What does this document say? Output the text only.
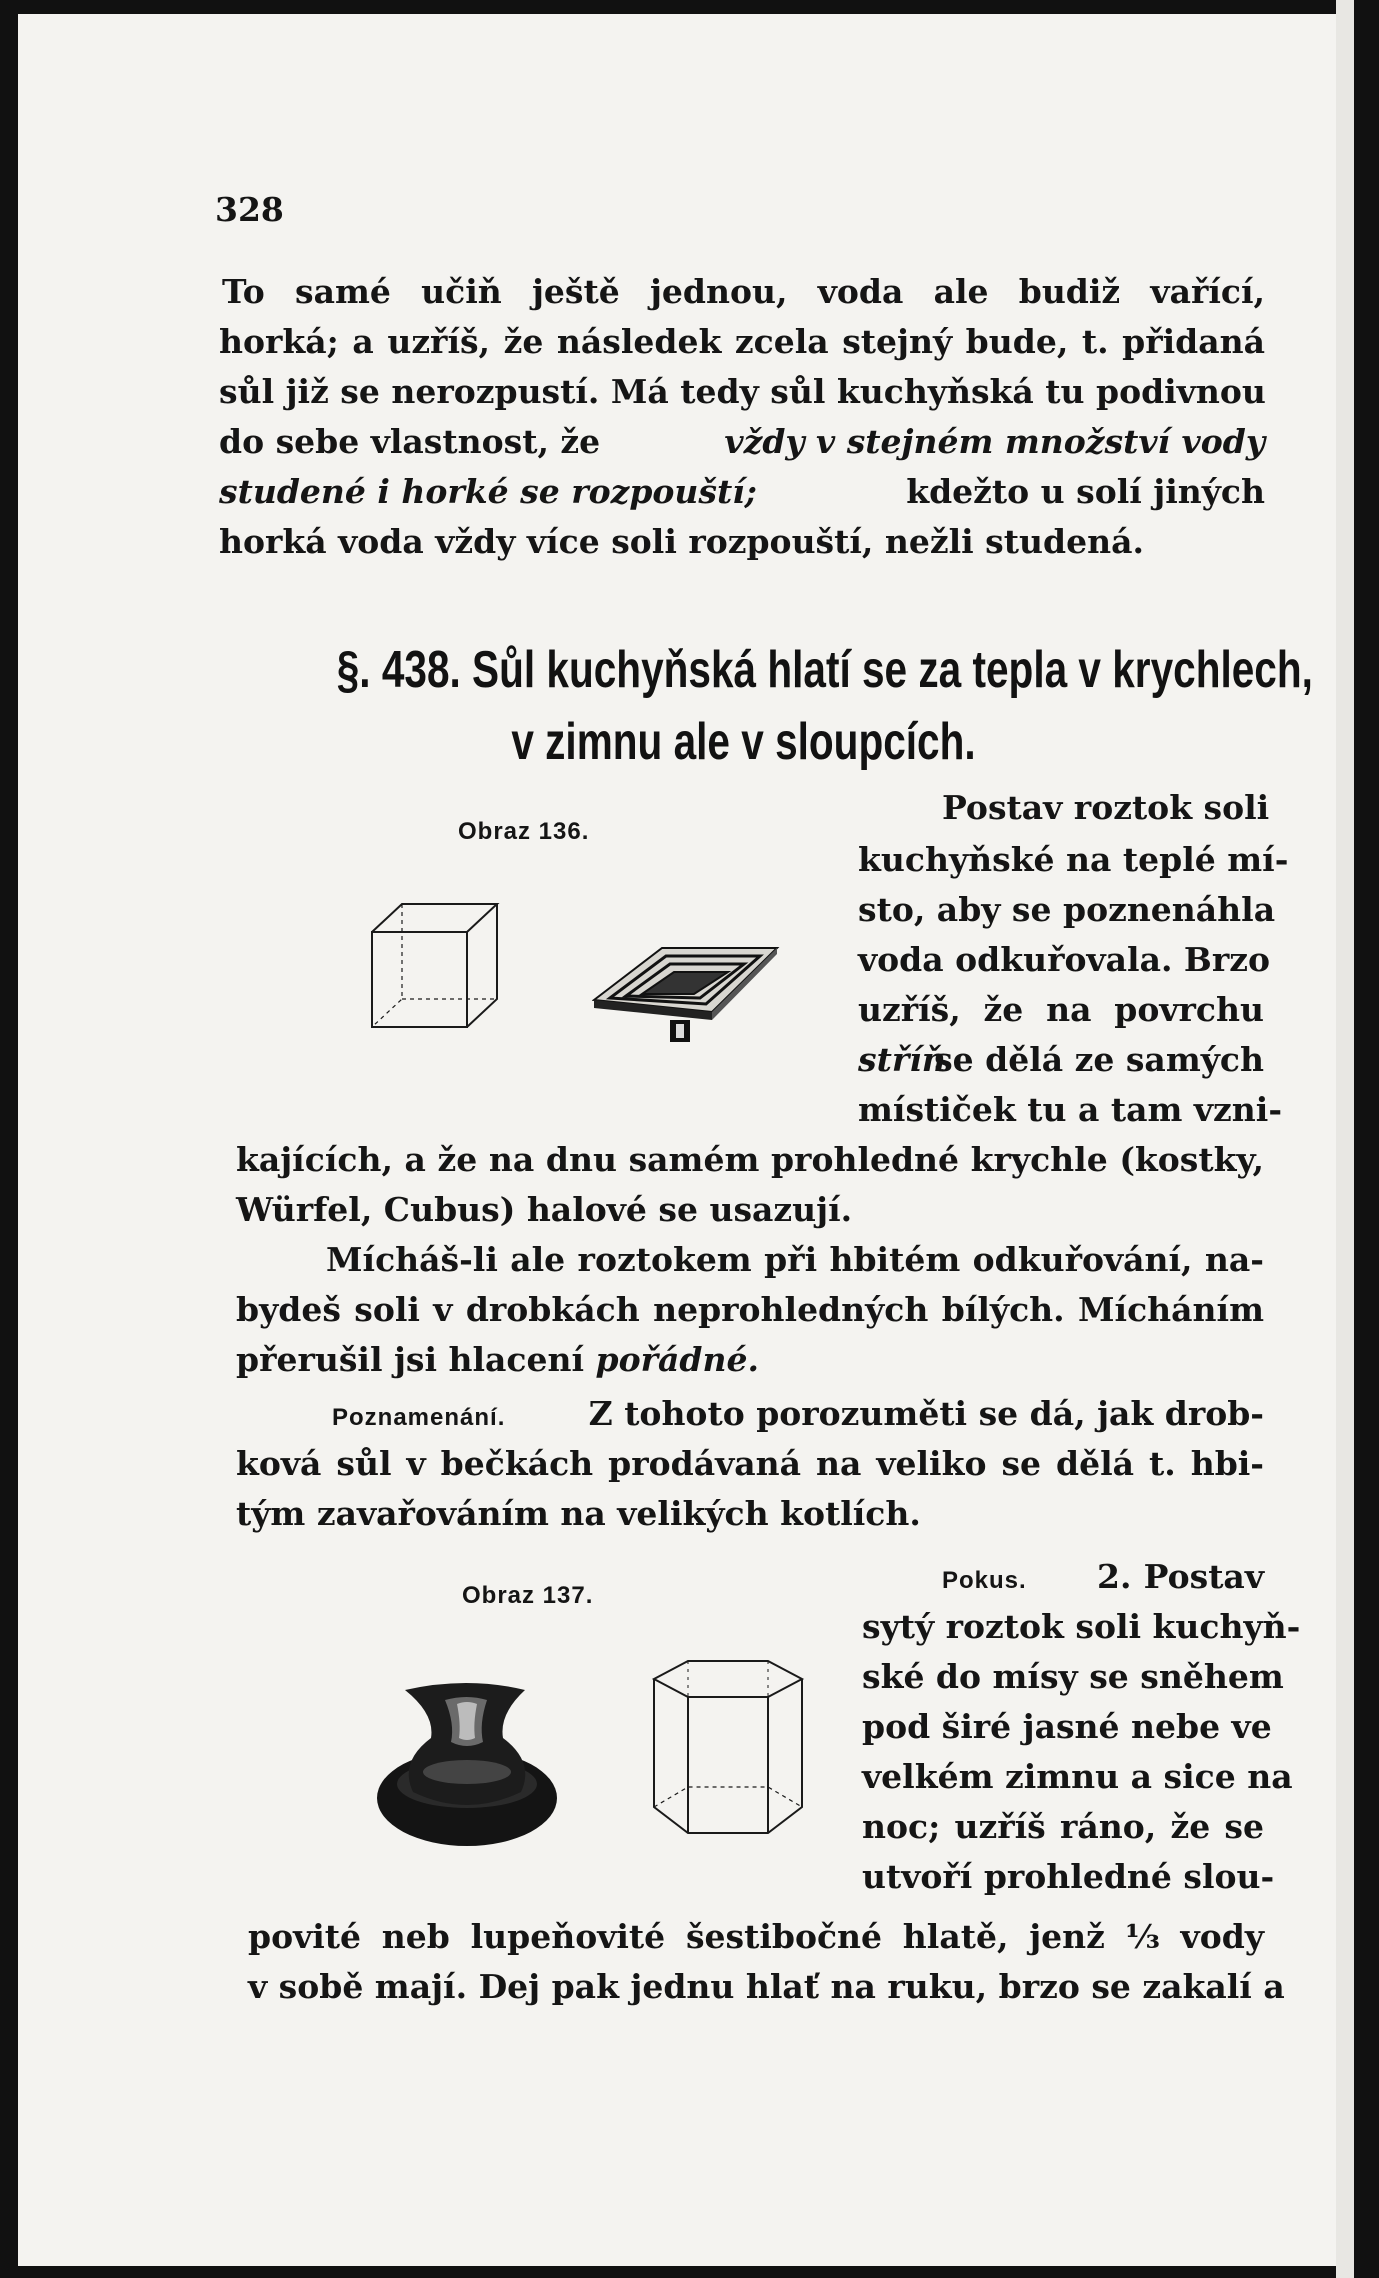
328
To samé učiň ještě jednou, voda ale budiž vařící,
horká; a uzříš, že následek zcela stejný bude, t. přidaná
sůl již se nerozpustí. Má tedy sůl kuchyňská tu podivnou
do sebe vlastnost, že	vždy v stejném množství vody
studené i horké se rozpouští;	kdežto u solí jiných
horká voda vždy více soli rozpouští, nežli studená.
§. 438. Sůl kuchyňská hlatí se za tepla v krychlech,
v zimnu ale v sloupcích.
Obraz 136.
Postav roztok soli
kuchyňské na teplé mí-
sto, aby se poznenáhla
voda odkuřovala. Brzo
uzříš, že na povrchu
stříň
se dělá ze samých
místiček tu a tam vzni-
kajících, a že na dnu samém prohledné krychle (kostky,
Würfel, Cubus) halové se usazují.
Mícháš-li ale roztokem při hbitém odkuřování, na-
bydeš soli v drobkách neprohledných bílých. Mícháním
přerušil jsi hlacení pořádné.
Poznamenání.	Z tohoto porozuměti se dá, jak drob-
ková sůl v bečkách prodávaná na veliko se dělá t. hbi-
tým zavařováním na velikých kotlích.
Obraz 137.
Pokus. 2. Postav
sytý roztok soli kuchyň-
ské do mísy se sněhem
pod širé jasné nebe ve
velkém zimnu a sice na
noc; uzříš ráno, že se
utvoří prohledné slou-
povité neb lupeňovité šestibočné hlatě, jenž ⅓ vody
v sobě mají. Dej pak jednu hlať na ruku, brzo se zakalí a
